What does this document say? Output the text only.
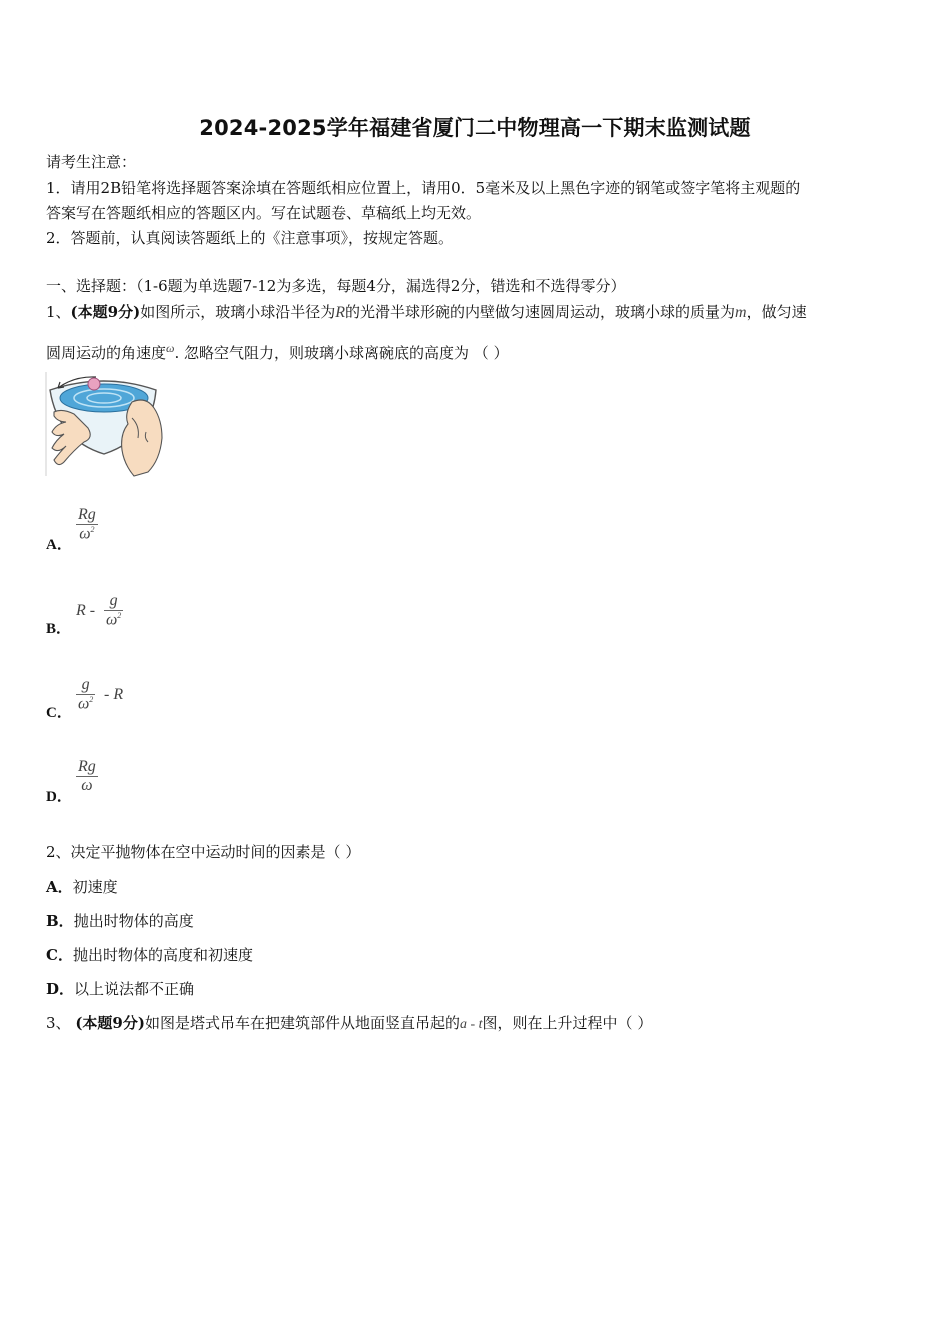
2024-2025学年福建省厦门二中物理高一下期末监测试题
请考生注意：
1．请用2B铅笔将选择题答案涂填在答题纸相应位置上，请用0．5毫米及以上黑色字迹的钢笔或签字笔将主观题的
答案写在答题纸相应的答题区内。写在试题卷、草稿纸上均无效。
2．答题前，认真阅读答题纸上的《注意事项》，按规定答题。
一、选择题：（1-6题为单选题7-12为多选，每题4分，漏选得2分，错选和不选得零分）
1、(本题9分)如图所示，玻璃小球沿半径为R的光滑半球形碗的内壁做匀速圆周运动，玻璃小球的质量为m，做匀速
圆周运动的角速度$^\omega$. 忽略空气阻力，则玻璃小球离碗底的高度为 （ ）
A．
Rg
$\omega^2$
B．
R -
g
$\omega^2$
C．
g
$\omega^2$ - R
D．
Rg
ω
2、决定平抛物体在空中运动时间的因素是（ ）
A．初速度
B．抛出时物体的高度
C．抛出时物体的高度和初速度
D．以上说法都不正确
3、 (本题9分)如图是塔式吊车在把建筑部件从地面竖直吊起的a - t图，则在上升过程中（ ）
